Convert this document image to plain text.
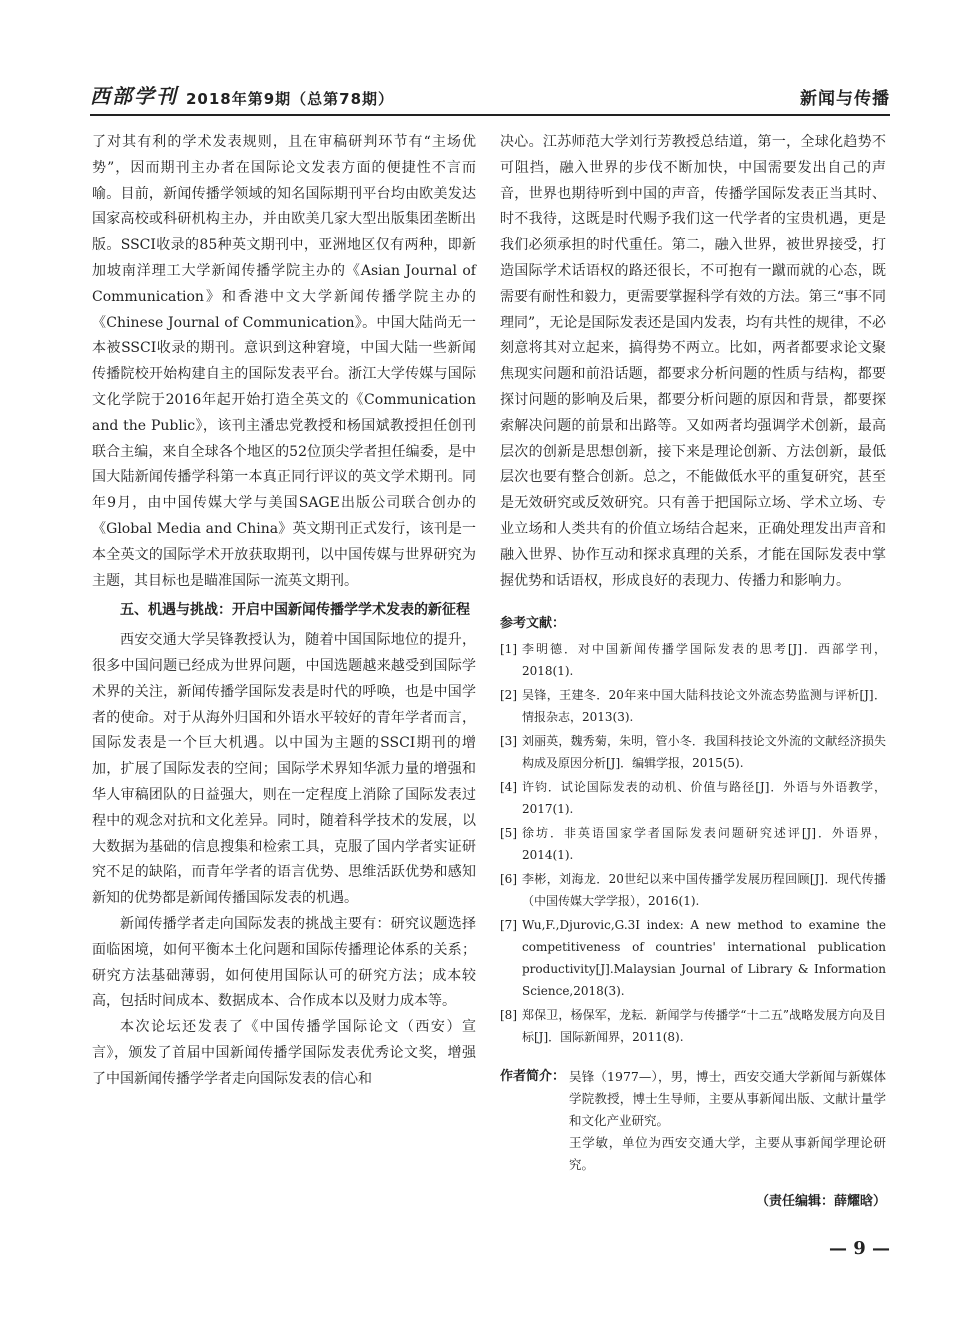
西部学刊 2018年第9期（总第78期）	新闻与传播

了对其有利的学术发表规则，且在审稿研判环节有“主场优势”，因而期刊主办者在国际论文发表方面的便捷性不言而喻。目前，新闻传播学领域的知名国际期刊平台均由欧美发达国家高校或科研机构主办，并由欧美几家大型出版集团垄断出版。SSCI收录的85种英文期刊中，亚洲地区仅有两种，即新加坡南洋理工大学新闻传播学院主办的《Asian Journal of Communication》和香港中文大学新闻传播学院主办的《Chinese Journal of Communication》。中国大陆尚无一本被SSCI收录的期刊。意识到这种窘境，中国大陆一些新闻传播院校开始构建自主的国际发表平台。浙江大学传媒与国际文化学院于2016年起开始打造全英文的《Communication and the Public》，该刊主潘忠党教授和杨国斌教授担任创刊联合主编，来自全球各个地区的52位顶尖学者担任编委，是中国大陆新闻传播学科第一本真正同行评议的英文学术期刊。同年9月，由中国传媒大学与美国SAGE出版公司联合创办的《Global Media and China》英文期刊正式发行，该刊是一本全英文的国际学术开放获取期刊，以中国传媒与世界研究为主题，其目标也是瞄准国际一流英文期刊。

五、机遇与挑战：开启中国新闻传播学学术发表的新征程

西安交通大学吴锋教授认为，随着中国国际地位的提升，很多中国问题已经成为世界问题，中国选题越来越受到国际学术界的关注，新闻传播学国际发表是时代的呼唤，也是中国学者的使命。对于从海外归国和外语水平较好的青年学者而言，国际发表是一个巨大机遇。以中国为主题的SSCI期刊的增加，扩展了国际发表的空间；国际学术界知华派力量的增强和华人审稿团队的日益强大，则在一定程度上消除了国际发表过程中的观念对抗和文化差异。同时，随着科学技术的发展，以大数据为基础的信息搜集和检索工具，克服了国内学者实证研究不足的缺陷，而青年学者的语言优势、思维活跃优势和感知新知的优势都是新闻传播国际发表的机遇。

新闻传播学者走向国际发表的挑战主要有：研究议题选择面临困境，如何平衡本土化问题和国际传播理论体系的关系；研究方法基础薄弱，如何使用国际认可的研究方法；成本较高，包括时间成本、数据成本、合作成本以及财力成本等。

本次论坛还发表了《中国传播学国际论文（西安）宣言》，颁发了首届中国新闻传播学国际发表优秀论文奖，增强了中国新闻传播学学者走向国际发表的信心和

决心。江苏师范大学刘行芳教授总结道，第一，全球化趋势不可阻挡，融入世界的步伐不断加快，中国需要发出自己的声音，世界也期待听到中国的声音，传播学国际发表正当其时、时不我待，这既是时代赐予我们这一代学者的宝贵机遇，更是我们必须承担的时代重任。第二，融入世界，被世界接受，打造国际学术话语权的路还很长，不可抱有一蹴而就的心态，既需要有耐性和毅力，更需要掌握科学有效的方法。第三“事不同理同”，无论是国际发表还是国内发表，均有共性的规律，不必刻意将其对立起来，搞得势不两立。比如，两者都要求论文聚焦现实问题和前沿话题，都要求分析问题的性质与结构，都要探讨问题的影响及后果，都要分析问题的原因和背景，都要探索解决问题的前景和出路等。又如两者均强调学术创新，最高层次的创新是思想创新，接下来是理论创新、方法创新，最低层次也要有整合创新。总之，不能做低水平的重复研究，甚至是无效研究或反效研究。只有善于把国际立场、学术立场、专业立场和人类共有的价值立场结合起来，正确处理发出声音和融入世界、协作互动和探求真理的关系，才能在国际发表中掌握优势和话语权，形成良好的表现力、传播力和影响力。

参考文献：

[1] 李明德．对中国新闻传播学国际发表的思考[J]．西部学刊，2018(1).
[2] 吴锋，王建冬．20年来中国大陆科技论文外流态势监测与评析[J]．情报杂志，2013(3).
[3] 刘丽英，魏秀菊，朱明，管小冬．我国科技论文外流的文献经济损失构成及原因分析[J]．编辑学报，2015(5).
[4] 许钧．试论国际发表的动机、价值与路径[J]．外语与外语教学，2017(1).
[5] 徐坊．非英语国家学者国际发表问题研究述评[J]．外语界，2014(1).
[6] 李彬，刘海龙．20世纪以来中国传播学发展历程回顾[J]．现代传播（中国传媒大学学报），2016(1).
[7] Wu,F.,Djurovic,G.3I index: A new method to examine the competitiveness of countries' international publication productivity[J].Malaysian Journal of Library & Information Science,2018(3).
[8] 郑保卫，杨保军，龙耘．新闻学与传播学“十二五”战略发展方向及目标[J]．国际新闻界，2011(8).
作者简介： 吴锋（1977—），男，博士，西安交通大学新闻与新媒体学院教授，博士生导师，主要从事新闻出版、文献计量学和文化产业研究。

王学敏，单位为西安交通大学，主要从事新闻学理论研究。

（责任编辑：薛耀晗）
— 9 —
